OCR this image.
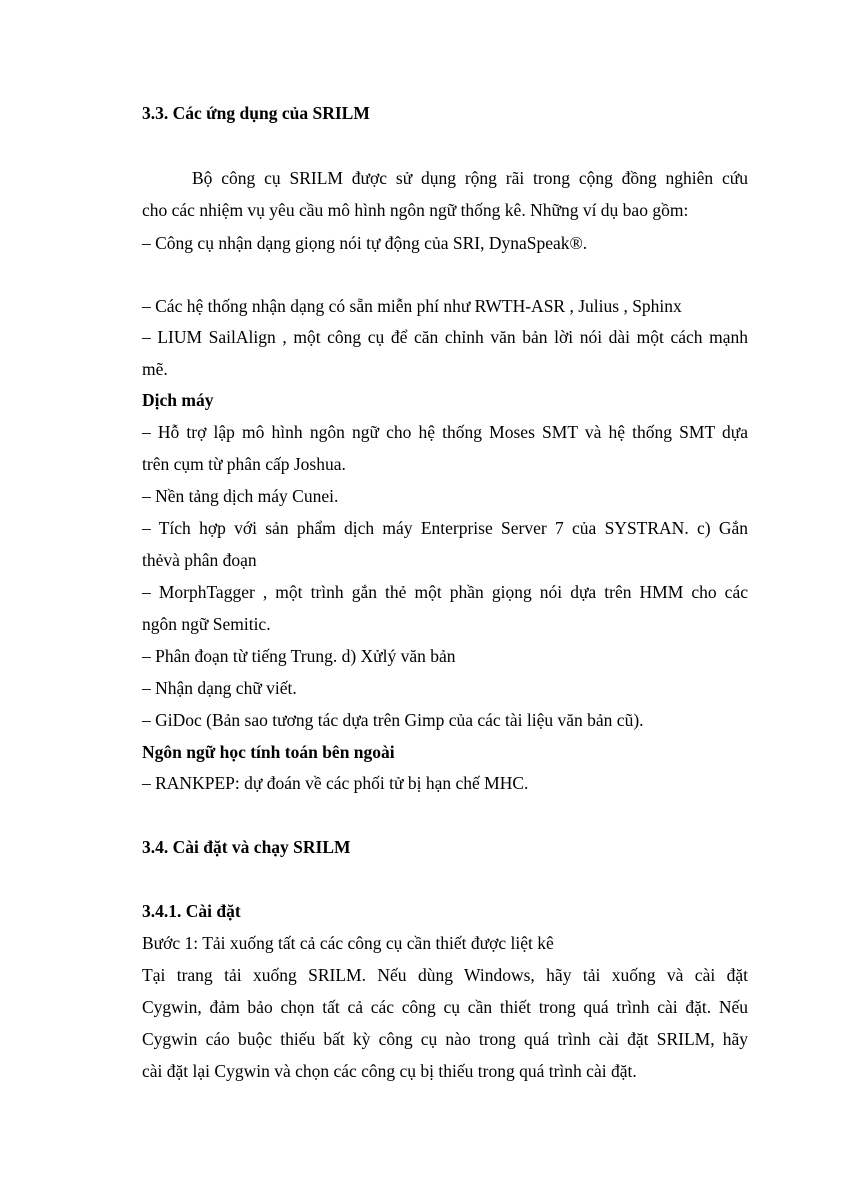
3.3. Các ứng dụng của SRILM
Bộ công cụ SRILM được sử dụng rộng rãi trong cộng đồng nghiên cứu
cho các nhiệm vụ yêu cầu mô hình ngôn ngữ thống kê. Những ví dụ bao gồm:
– Công cụ nhận dạng giọng nói tự động của SRI, DynaSpeak®.
– Các hệ thống nhận dạng có sẵn miễn phí như RWTH-ASR , Julius , Sphinx
– LIUM SailAlign , một công cụ để căn chỉnh văn bản lời nói dài một cách mạnh
mẽ.
Dịch máy
– Hỗ trợ lập mô hình ngôn ngữ cho hệ thống Moses SMT và hệ thống SMT dựa
trên cụm từ phân cấp Joshua.
– Nền tảng dịch máy Cunei.
– Tích hợp với sản phẩm dịch máy Enterprise Server 7 của SYSTRAN. c) Gắn
thẻvà phân đoạn
– MorphTagger , một trình gắn thẻ một phần giọng nói dựa trên HMM cho các
ngôn ngữ Semitic.
– Phân đoạn từ tiếng Trung. d) Xửlý văn bản
– Nhận dạng chữ viết.
– GiDoc (Bản sao tương tác dựa trên Gimp của các tài liệu văn bản cũ).
Ngôn ngữ học tính toán bên ngoài
– RANKPEP: dự đoán về các phối tử bị hạn chế MHC.
3.4. Cài đặt và chạy SRILM
3.4.1. Cài đặt
Bước 1: Tải xuống tất cả các công cụ cần thiết được liệt kê
Tại trang tải xuống SRILM. Nếu dùng Windows, hãy tải xuống và cài đặt
Cygwin, đảm bảo chọn tất cả các công cụ cần thiết trong quá trình cài đặt. Nếu
Cygwin cáo buộc thiếu bất kỳ công cụ nào trong quá trình cài đặt SRILM, hãy
cài đặt lại Cygwin và chọn các công cụ bị thiếu trong quá trình cài đặt.
